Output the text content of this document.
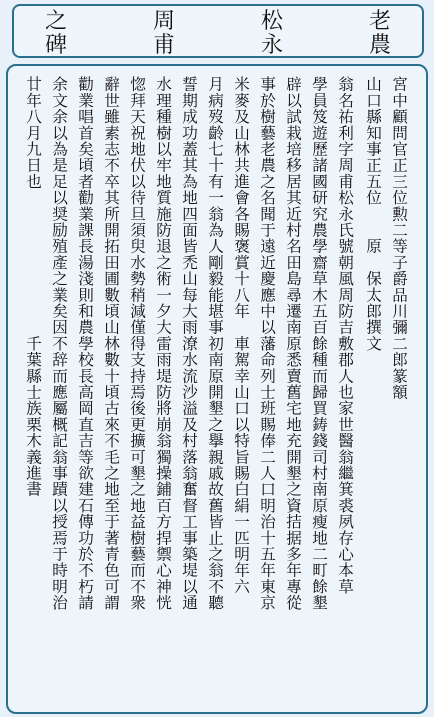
之	周	松	老
碑	甫	永	農
宮中顧問官正三位勲二等子爵品川彌二郎篆額
山口縣知事正五位　　原　保太郎撰文
翁名祐利字周甫松永氏號朝風周防吉敷郡人也家世醫翁繼箕裘夙存心本草
學員笈遊歷諸國研究農學齋草木五百餘種而歸買鋳錢司村南原瘦地二町餘墾
辟以試栽培移居其近村名田島尋遷南原悉賣舊宅地充開墾之資拮据多年專從
事於樹藝老農之名聞于遠近慶應中以藩命列士班賜俸二人口明治十五年東京
米麥及山林共進會各賜褒賞十八年　車駕幸山口以特旨賜白絹一匹明年六
月病歿齡七十有一翁為人剛毅能堪事初南原開墾之擧親戚故舊皆止之翁不聽
誓期成功蓋其為地四面皆禿山每大雨潦水流沙溢及村落翁奮督工事築堤以通
水理種樹以牢地質施防退之術一夕大雷雨堤防將崩翁獨操鋪百方捍禦心神恍
惚拜天祝地伏以待旦須臾水勢稍減僅得支持焉後更擴可墾之地益樹藝而不衆
辭世雖素志不卒其所開拓田圃數頃山林數十頃古來不毛之地至于著青色可謂
勸業唱首矣頃者勸業課長湯淺則和農學校長高岡直吉等欲建石傳功於不朽請
余文余以為是足以奨励殖產之業矣因不辞而應屬概記翁事蹟以授焉于時明治
廿年八月九日也　　　　　　　　　千葉縣士族栗木義進書
